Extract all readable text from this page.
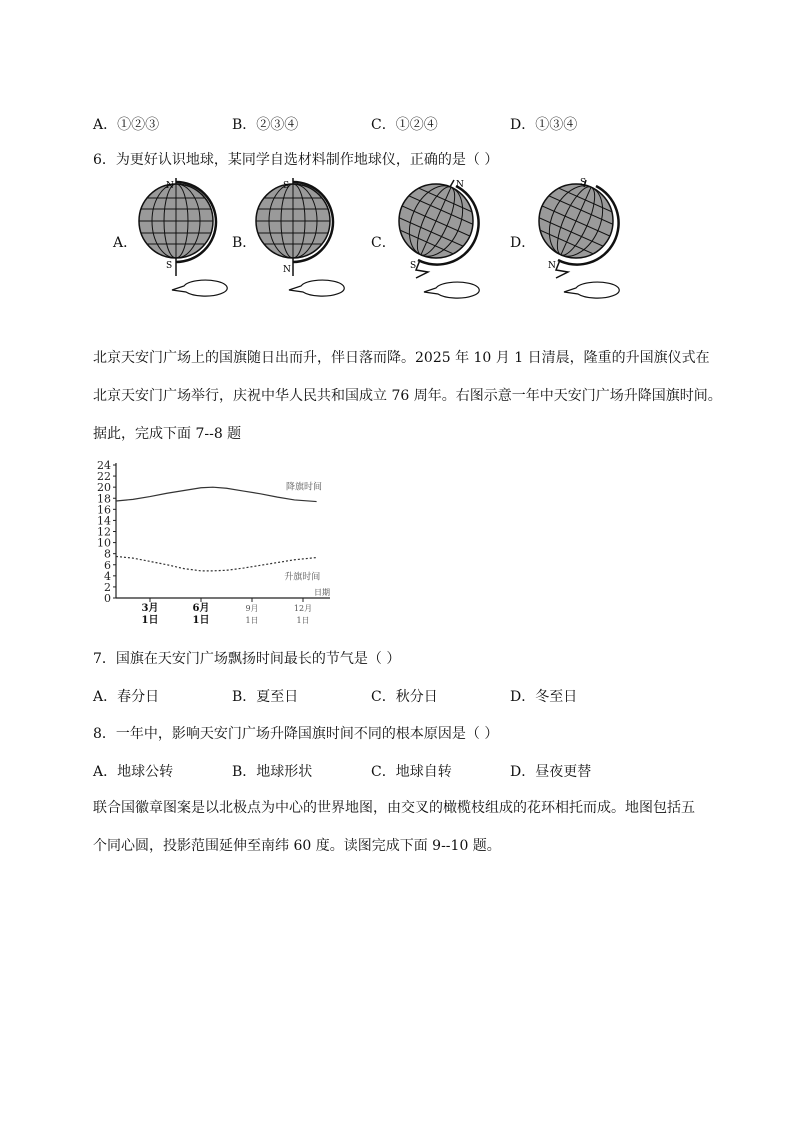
A．①②③	B．②③④	C．①②④	D．①③④
6．为更好认识地球，某同学自选材料制作地球仪，正确的是（ ）
A．	B．	C．	D．
N
S
S
N
N
S
S
N
北京天安门广场上的国旗随日出而升，伴日落而降。2025 年 10 月 1 日清晨，隆重的升国旗仪式在
北京天安门广场举行，庆祝中华人民共和国成立 76 周年。右图示意一年中天安门广场升降国旗时间。
据此，完成下面 7--8 题
0
2
4
6
8
10
12
14
16
18
20
22
24
3月
1日
6月
1日
9月
1日
12月
1日
日期
降旗时间
升旗时间
7．国旗在天安门广场飘扬时间最长的节气是（ ）
A．春分日	B．夏至日	C．秋分日	D．冬至日
8．一年中，影响天安门广场升降国旗时间不同的根本原因是（ ）
A．地球公转	B．地球形状	C．地球自转	D．昼夜更替
联合国徽章图案是以北极点为中心的世界地图，由交叉的橄榄枝组成的花环相托而成。地图包括五
个同心圆，投影范围延伸至南纬 60 度。读图完成下面 9--10 题。
